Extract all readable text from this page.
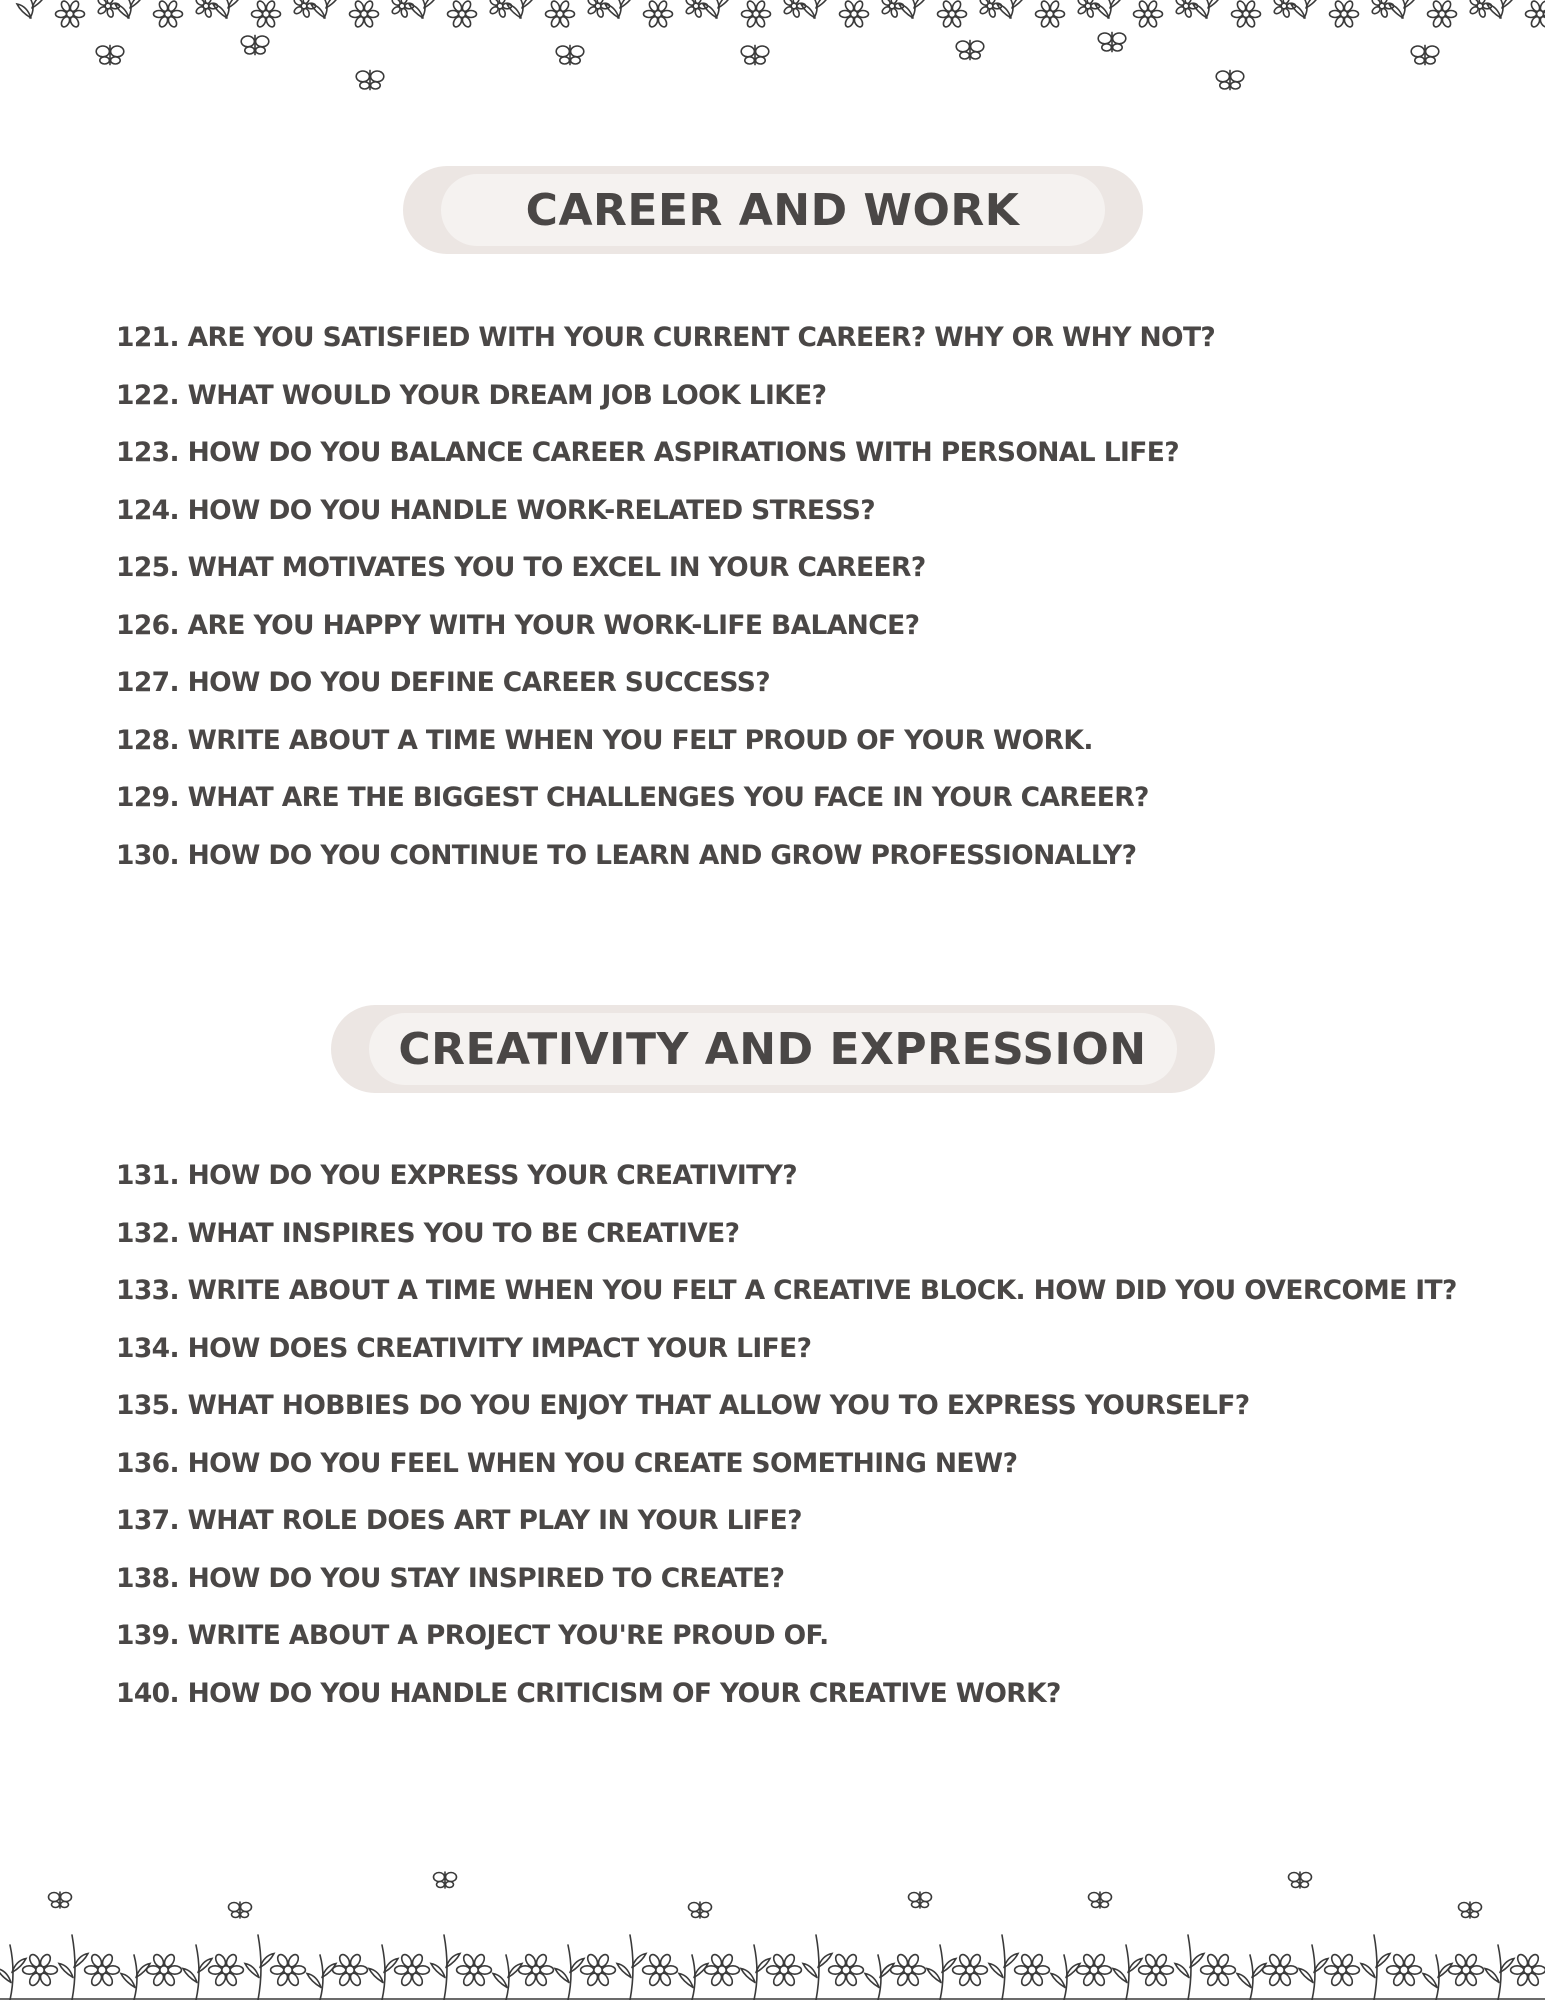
CAREER AND WORK
121. ARE YOU SATISFIED WITH YOUR CURRENT CAREER? WHY OR WHY NOT?
122. WHAT WOULD YOUR DREAM JOB LOOK LIKE?
123. HOW DO YOU BALANCE CAREER ASPIRATIONS WITH PERSONAL LIFE?
124. HOW DO YOU HANDLE WORK-RELATED STRESS?
125. WHAT MOTIVATES YOU TO EXCEL IN YOUR CAREER?
126. ARE YOU HAPPY WITH YOUR WORK-LIFE BALANCE?
127. HOW DO YOU DEFINE CAREER SUCCESS?
128. WRITE ABOUT A TIME WHEN YOU FELT PROUD OF YOUR WORK.
129. WHAT ARE THE BIGGEST CHALLENGES YOU FACE IN YOUR CAREER?
130. HOW DO YOU CONTINUE TO LEARN AND GROW PROFESSIONALLY?
CREATIVITY AND EXPRESSION
131. HOW DO YOU EXPRESS YOUR CREATIVITY?
132. WHAT INSPIRES YOU TO BE CREATIVE?
133. WRITE ABOUT A TIME WHEN YOU FELT A CREATIVE BLOCK. HOW DID YOU OVERCOME IT?
134. HOW DOES CREATIVITY IMPACT YOUR LIFE?
135. WHAT HOBBIES DO YOU ENJOY THAT ALLOW YOU TO EXPRESS YOURSELF?
136. HOW DO YOU FEEL WHEN YOU CREATE SOMETHING NEW?
137. WHAT ROLE DOES ART PLAY IN YOUR LIFE?
138. HOW DO YOU STAY INSPIRED TO CREATE?
139. WRITE ABOUT A PROJECT YOU'RE PROUD OF.
140. HOW DO YOU HANDLE CRITICISM OF YOUR CREATIVE WORK?
